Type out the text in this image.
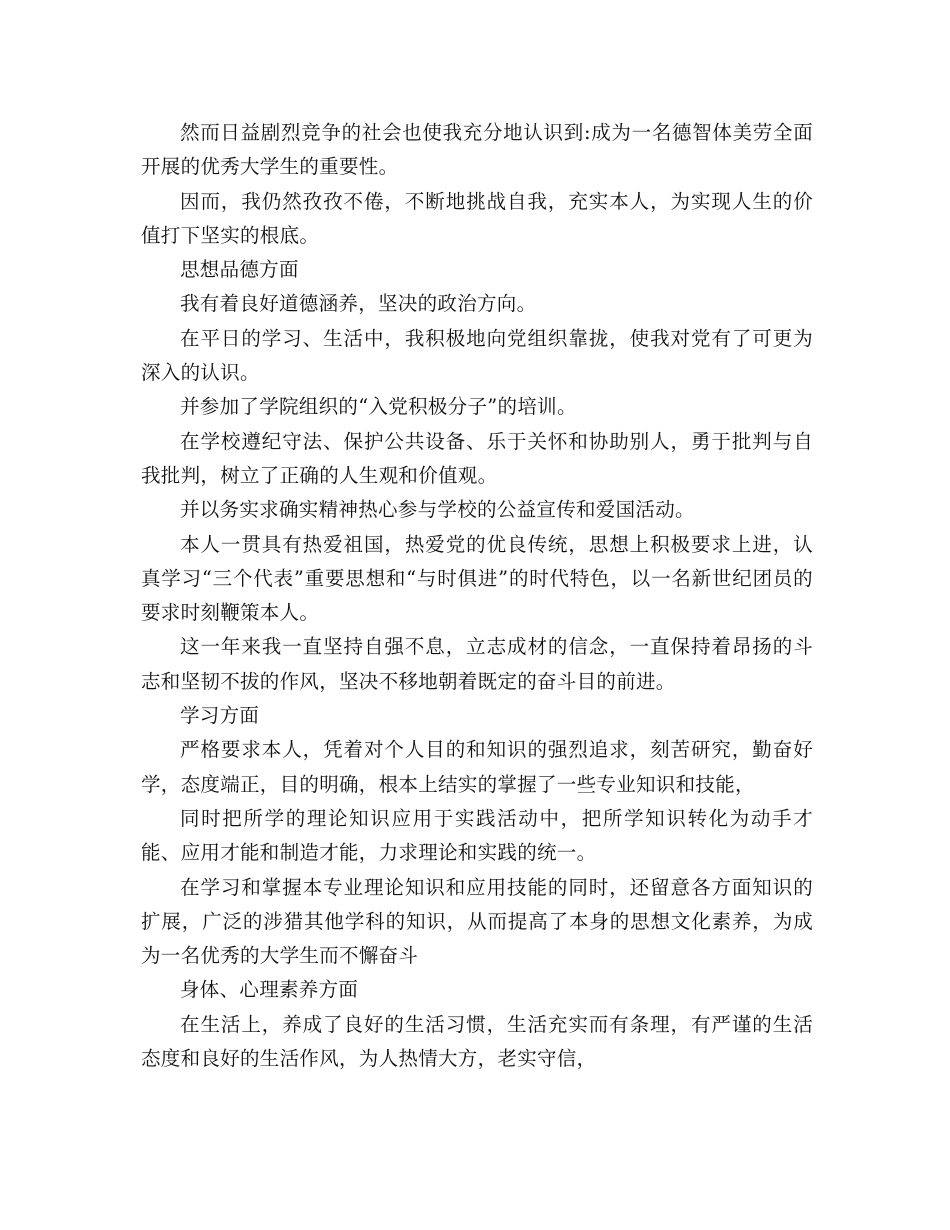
然而日益剧烈竞争的社会也使我充分地认识到:成为一名德智体美劳全面开展的优秀大学生的重要性。

因而，我仍然孜孜不倦，不断地挑战自我，充实本人，为实现人生的价值打下坚实的根底。

思想品德方面

我有着良好道德涵养，坚决的政治方向。

在平日的学习、生活中，我积极地向党组织靠拢，使我对党有了可更为深入的认识。

并参加了学院组织的“入党积极分子”的培训。

在学校遵纪守法、保护公共设备、乐于关怀和协助别人，勇于批判与自我批判，树立了正确的人生观和价值观。

并以务实求确实精神热心参与学校的公益宣传和爱国活动。

本人一贯具有热爱祖国，热爱党的优良传统，思想上积极要求上进，认真学习“三个代表”重要思想和“与时俱进”的时代特色，以一名新世纪团员的要求时刻鞭策本人。

这一年来我一直坚持自强不息，立志成材的信念，一直保持着昂扬的斗志和坚韧不拔的作风，坚决不移地朝着既定的奋斗目的前进。

学习方面

严格要求本人，凭着对个人目的和知识的强烈追求，刻苦研究，勤奋好学，态度端正，目的明确，根本上结实的掌握了一些专业知识和技能，

同时把所学的理论知识应用于实践活动中，把所学知识转化为动手才能、应用才能和制造才能，力求理论和实践的统一。

在学习和掌握本专业理论知识和应用技能的同时，还留意各方面知识的扩展，广泛的涉猎其他学科的知识，从而提高了本身的思想文化素养，为成为一名优秀的大学生而不懈奋斗

身体、心理素养方面

在生活上，养成了良好的生活习惯，生活充实而有条理，有严谨的生活态度和良好的生活作风，为人热情大方，老实守信，
